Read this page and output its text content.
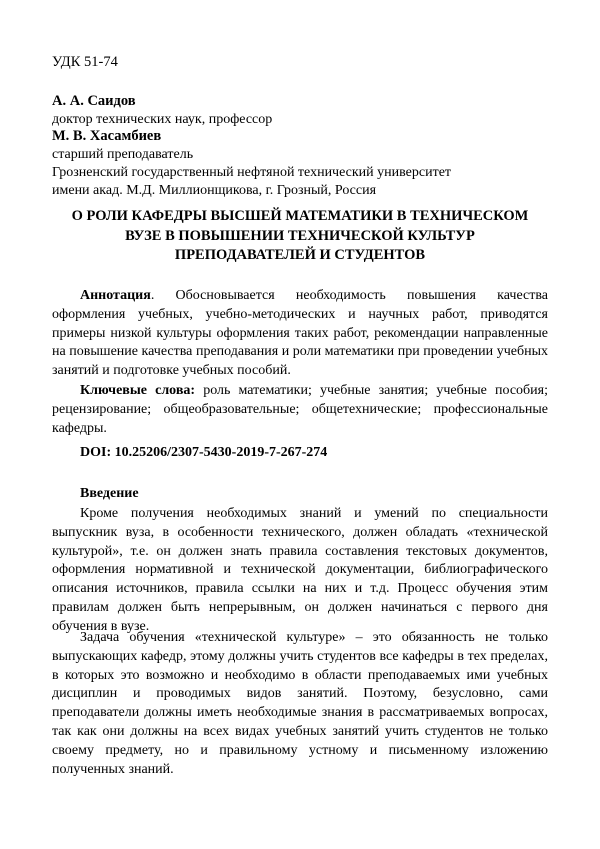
УДК 51-74
А. А. Саидов
доктор технических наук, профессор
М. В. Хасамбиев
старший преподаватель
Грозненский государственный нефтяной технический университет
имени акад. М.Д. Миллионщикова, г. Грозный, Россия
О РОЛИ КАФЕДРЫ ВЫСШЕЙ МАТЕМАТИКИ В ТЕХНИЧЕСКОМ
ВУЗЕ В ПОВЫШЕНИИ ТЕХНИЧЕСКОЙ КУЛЬТУР
ПРЕПОДАВАТЕЛЕЙ И СТУДЕНТОВ
Аннотация. Обосновывается необходимость повышения качества оформления учебных, учебно-методических и научных работ, приводятся примеры низкой культуры оформления таких работ, рекомендации направленные на повышение качества преподавания и роли математики при проведении учебных занятий и подготовке учебных пособий.
Ключевые слова: роль математики; учебные занятия; учебные пособия; рецензирование; общеобразовательные; общетехнические; профессиональные кафедры.
DOI: 10.25206/2307-5430-2019-7-267-274
Введение
Кроме получения необходимых знаний и умений по специальности выпускник вуза, в особенности технического, должен обладать «технической культурой», т.е. он должен знать правила составления текстовых документов, оформления нормативной и технической документации, библиографического описания источников, правила ссылки на них и т.д. Процесс обучения этим правилам должен быть непрерывным, он должен начинаться с первого дня обучения в вузе.
Задача обучения «технической культуре» – это обязанность не только выпускающих кафедр, этому должны учить студентов все кафедры в тех пределах, в которых это возможно и необходимо в области преподаваемых ими учебных дисциплин и проводимых видов занятий. Поэтому, безусловно, сами преподаватели должны иметь необходимые знания в рассматриваемых вопросах, так как они должны на всех видах учебных занятий учить студентов не только своему предмету, но и правильному устному и письменному изложению полученных знаний.
